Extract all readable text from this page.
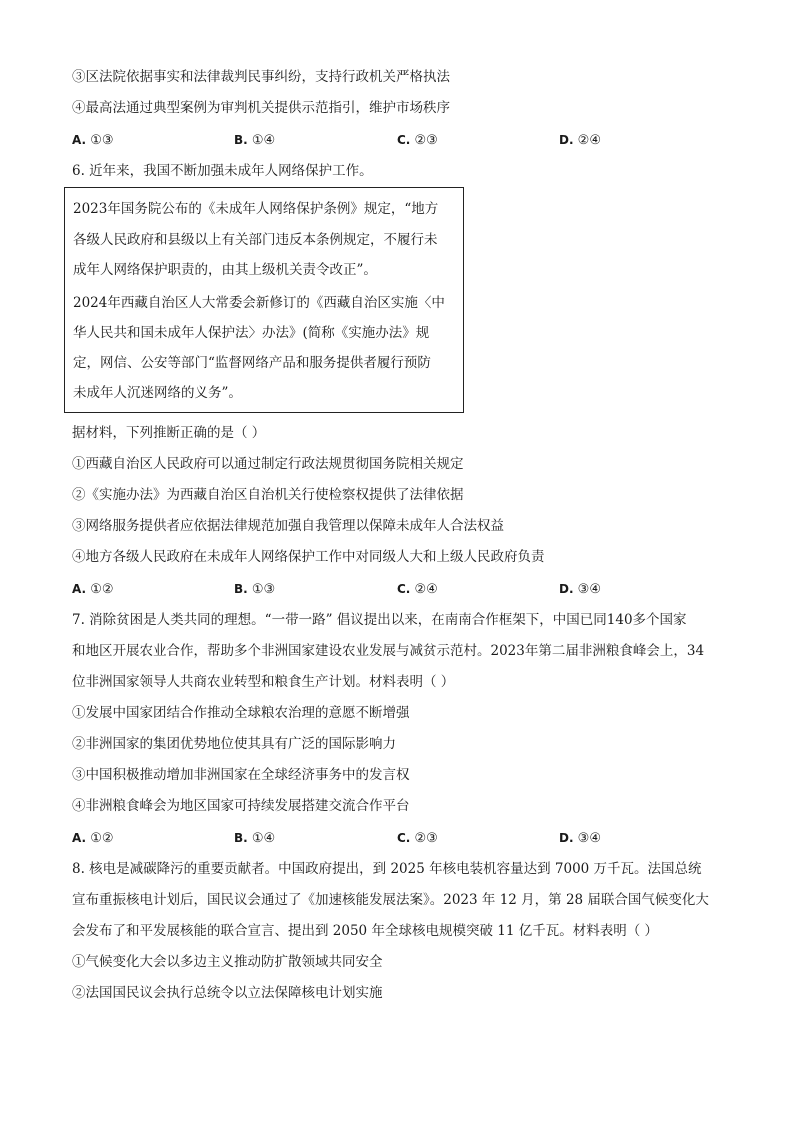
③区法院依据事实和法律裁判民事纠纷，支持行政机关严格执法
④最高法通过典型案例为审判机关提供示范指引，维护市场秩序
A. ①③	B. ①④	C. ②③	D. ②④
6. 近年来，我国不断加强未成年人网络保护工作。
2023年国务院公布的《未成年人网络保护条例》规定，“地方
各级人民政府和县级以上有关部门违反本条例规定，不履行未
成年人网络保护职责的，由其上级机关责令改正”。
2024年西藏自治区人大常委会新修订的《西藏自治区实施〈中
华人民共和国未成年人保护法〉办法》(简称《实施办法》规
定，网信、公安等部门“监督网络产品和服务提供者履行预防
未成年人沉迷网络的义务”。
据材料，下列推断正确的是（ ）
①西藏自治区人民政府可以通过制定行政法规贯彻国务院相关规定
②《实施办法》为西藏自治区自治机关行使检察权提供了法律依据
③网络服务提供者应依据法律规范加强自我管理以保障未成年人合法权益
④地方各级人民政府在未成年人网络保护工作中对同级人大和上级人民政府负责
A. ①②	B. ①③	C. ②④	D. ③④
7. 消除贫困是人类共同的理想。“一带一路” 倡议提出以来，在南南合作框架下，中国已同140多个国家
和地区开展农业合作，帮助多个非洲国家建设农业发展与减贫示范村。2023年第二届非洲粮食峰会上，34
位非洲国家领导人共商农业转型和粮食生产计划。材料表明（ ）
①发展中国家团结合作推动全球粮农治理的意愿不断增强
②非洲国家的集团优势地位使其具有广泛的国际影响力
③中国积极推动增加非洲国家在全球经济事务中的发言权
④非洲粮食峰会为地区国家可持续发展搭建交流合作平台
A. ①②	B. ①④	C. ②③	D. ③④
8. 核电是减碳降污的重要贡献者。中国政府提出，到 2025 年核电装机容量达到 7000 万千瓦。法国总统
宣布重振核电计划后，国民议会通过了《加速核能发展法案》。2023 年 12 月，第 28 届联合国气候变化大
会发布了和平发展核能的联合宣言、提出到 2050 年全球核电规模突破 11 亿千瓦。材料表明（ ）
①气候变化大会以多边主义推动防扩散领域共同安全
②法国国民议会执行总统令以立法保障核电计划实施
